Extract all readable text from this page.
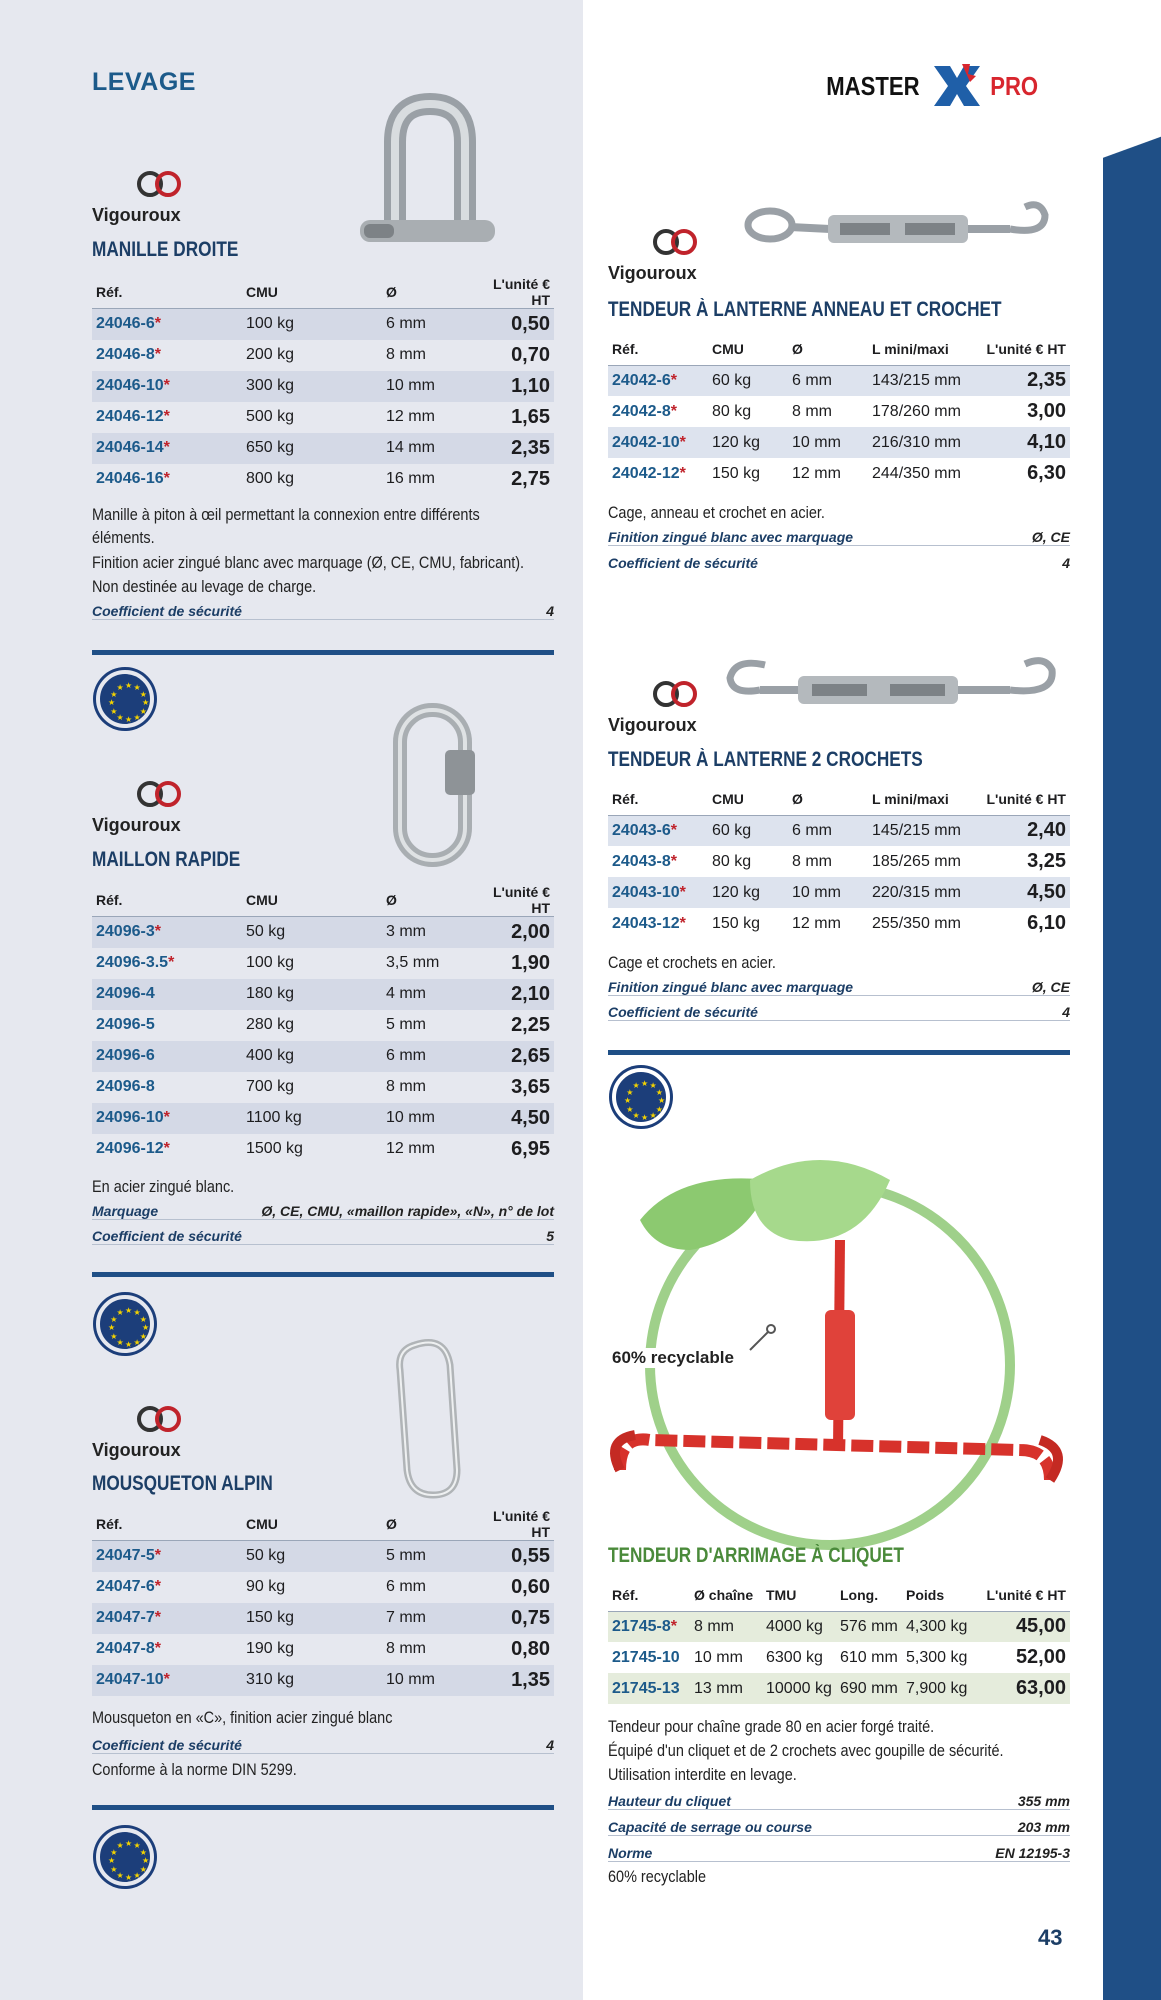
LEVAGE	MASTER	PRO
Vigouroux
MANILLE DROITE
Réf.	CMU	Ø	L'unité € HT
24046-6*	100 kg	6 mm	0,50
24046-8*	200 kg	8 mm	0,70
24046-10*	300 kg	10 mm	1,10
24046-12*	500 kg	12 mm	1,65
24046-14*	650 kg	14 mm	2,35
24046-16*	800 kg	16 mm	2,75
Manille à piton à œil permettant la connexion entre différents
éléments.
Finition acier zingué blanc avec marquage (Ø, CE, CMU, fabricant).
Non destinée au levage de charge.
Coefficient de sécurité	4
★
★
★
★
★
★
★
★
★ ★ ★
★
Vigouroux
MAILLON RAPIDE
Réf.	CMU	Ø	L'unité € HT
24096-3*	50 kg	3 mm	2,00
24096-3.5*	100 kg	3,5 mm	1,90
24096-4	180 kg	4 mm	2,10
24096-5	280 kg	5 mm	2,25
24096-6	400 kg	6 mm	2,65
24096-8	700 kg	8 mm	3,65
24096-10*	1100 kg	10 mm	4,50
24096-12*	1500 kg	12 mm	6,95
En acier zingué blanc.
Marquage	Ø, CE, CMU, «maillon rapide», «N», n° de lot
Coefficient de sécurité	5
★
★
★
★
★
★
★
★
★ ★ ★
★
Vigouroux
MOUSQUETON ALPIN
Réf.	CMU	Ø	L'unité € HT
24047-5*	50 kg	5 mm	0,55
24047-6*	90 kg	6 mm	0,60
24047-7*	150 kg	7 mm	0,75
24047-8*	190 kg	8 mm	0,80
24047-10*	310 kg	10 mm	1,35
Mousqueton en «C», finition acier zingué blanc
Coefficient de sécurité	4
Conforme à la norme DIN 5299.
★
★
★
★
★
★
★
★
★ ★ ★
★
Vigouroux
TENDEUR À LANTERNE ANNEAU ET CROCHET
Réf.	CMU	Ø	L mini/maxi	L'unité € HT
24042-6*	60 kg	6 mm	143/215 mm	2,35
24042-8*	80 kg	8 mm	178/260 mm	3,00
24042-10*	120 kg	10 mm	216/310 mm	4,10
24042-12*	150 kg	12 mm	244/350 mm	6,30
Cage, anneau et crochet en acier.
Finition zingué blanc avec marquage	Ø, CE
Coefficient de sécurité	4
Vigouroux
TENDEUR À LANTERNE 2 CROCHETS
Réf.	CMU	Ø	L mini/maxi	L'unité € HT
24043-6*	60 kg	6 mm	145/215 mm	2,40
24043-8*	80 kg	8 mm	185/265 mm	3,25
24043-10*	120 kg	10 mm	220/315 mm	4,50
24043-12*	150 kg	12 mm	255/350 mm	6,10
Cage et crochets en acier.
Finition zingué blanc avec marquage	Ø, CE
Coefficient de sécurité	4
★
★
★
★
★
★
★
★
★ ★ ★
★
60% recyclable
TENDEUR D'ARRIMAGE À CLIQUET
Réf.	Ø chaîne	TMU	Long.	Poids	L'unité € HT
21745-8*	8 mm	4000 kg	576 mm	4,300 kg	45,00
21745-10	10 mm	6300 kg	610 mm	5,300 kg	52,00
21745-13	13 mm	10000 kg	690 mm	7,900 kg	63,00
Tendeur pour chaîne grade 80 en acier forgé traité.
Équipé d'un cliquet et de 2 crochets avec goupille de sécurité.
Utilisation interdite en levage.
Hauteur du cliquet	355 mm
Capacité de serrage ou course	203 mm
Norme	EN 12195-3
60% recyclable
43
